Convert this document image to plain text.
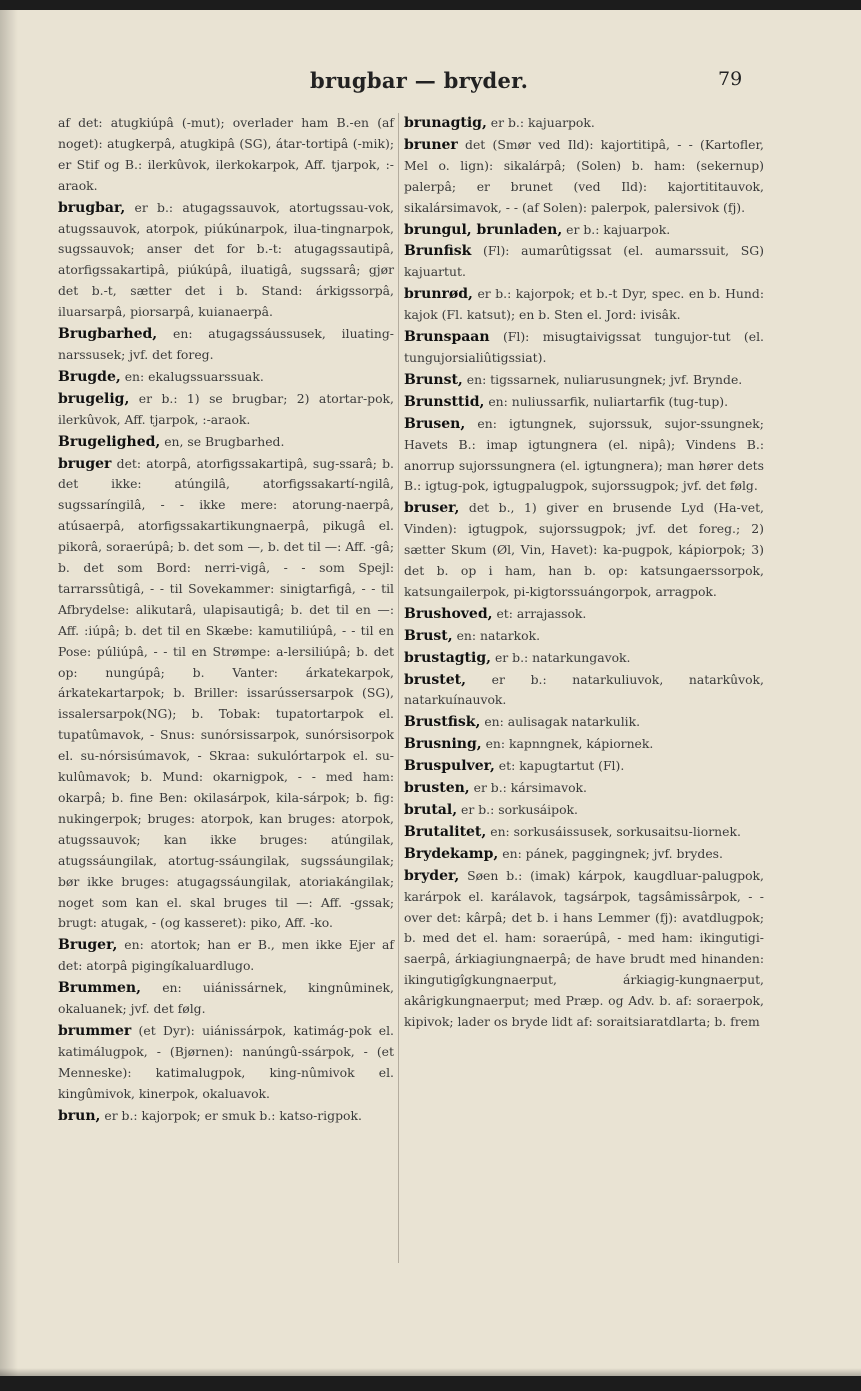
brugbar — bryder.	79
af det: atugkiúpâ (-mut); overlader ham B.-en (af noget): atugkerpâ, atugkipâ (SG), átar-tortipâ (-mik); er Stif og B.: ilerkûvok, ilerkokarpok, Aff. tjarpok, :-araok.
brugbar, er b.: atugagssauvok, atortugssau-vok, atugssauvok, atorpok, piúkúnarpok, ilua-tingnarpok, sugssauvok; anser det for b.-t: atugagssautipâ, atorfigssakartipâ, piúkúpâ, iluatigâ, sugssarâ; gjør det b.-t, sætter det i b. Stand: árkigssorpâ, iluarsarpâ, piorsarpâ, kuianaerpâ.
Brugbarhed, en: atugagssáussusek, iluating-narssusek; jvf. det foreg.
Brugde, en: ekalugssuarssuak.
brugelig, er b.: 1) se brugbar; 2) atortar-pok, ilerkûvok, Aff. tjarpok, :-araok.
Brugelighed, en, se Brugbarhed.
bruger det: atorpâ, atorfigssakartipâ, sug-ssarâ; b. det ikke: atúngilâ, atorfigssakartí-ngilâ, sugssaríngilâ, - - ikke mere: atorung-naerpâ, atúsaerpâ, atorfigssakartikungnaerpâ, pikugâ el. pikorâ, soraerúpâ; b. det som —, b. det til —: Aff. -gâ; b. det som Bord: nerri-vigâ, - - som Spejl: tarrarssûtigâ, - - til Sovekammer: sinigtarfigâ, - - til Afbrydelse: alikutarâ, ulapisautigâ; b. det til en —: Aff. :iúpâ; b. det til en Skæbe: kamutiliúpâ, - - til en Pose: púliúpâ, - - til en Strømpe: a-lersiliúpâ; b. det op: nungúpâ; b. Vanter: árkatekarpok, árkatekartarpok; b. Briller: issarússersarpok (SG), issalersarpok(NG); b. Tobak: tupatortarpok el. tupatûmavok, - Snus: sunórsissarpok, sunórsisorpok el. su-nórsisúmavok, - Skraa: sukulórtarpok el. su-kulûmavok; b. Mund: okarnigpok, - - med ham: okarpâ; b. fine Ben: okilasárpok, kila-sárpok; b. fig: nukingerpok; bruges: atorpok, kan bruges: atorpok, atugssauvok; kan ikke bruges: atúngilak, atugssáungilak, atortug-ssáungilak, sugssáungilak; bør ikke bruges: atugagssáungilak, atoriakángilak; noget som kan el. skal bruges til —: Aff. -gssak; brugt: atugak, - (og kasseret): piko, Aff. -ko.
Bruger, en: atortok; han er B., men ikke Ejer af det: atorpâ pigingíkaluardlugo.
Brummen, en: uiánissárnek, kingnûminek, okaluanek; jvf. det følg.
brummer (et Dyr): uiánissárpok, katimág-pok el. katimálugpok, - (Bjørnen): nanúngû-ssárpok, - (et Menneske): katimalugpok, king-nûmivok el. kingûmivok, kinerpok, okaluavok.
brun, er b.: kajorpok; er smuk b.: katso-rigpok.
brunagtig, er b.: kajuarpok.
bruner det (Smør ved Ild): kajortitipâ, - - (Kartofler, Mel o. lign): sikalárpâ; (Solen) b. ham: (sekernup) palerpâ; er brunet (ved Ild): kajortititauvok, sikalársimavok, - - (af Solen): palerpok, palersivok (fj).
brungul, brunladen, er b.: kajuarpok.
Brunfisk (Fl): aumarûtigssat (el. aumarssuit, SG) kajuartut.
brunrød, er b.: kajorpok; et b.-t Dyr, spec. en b. Hund: kajok (Fl. katsut); en b. Sten el. Jord: ivisâk.
Brunspaan (Fl): misugtaivigssat tungujor-tut (el. tungujorsialiûtigssiat).
Brunst, en: tigssarnek, nuliarusungnek; jvf. Brynde.
Brunsttid, en: nuliussarfik, nuliartarfik (tug-tup).
Brusen, en: igtungnek, sujorssuk, sujor-ssungnek; Havets B.: imap igtungnera (el. nipâ); Vindens B.: anorrup sujorssungnera (el. igtungnera); man hører dets B.: igtug-pok, igtugpalugpok, sujorssugpok; jvf. det følg.
bruser, det b., 1) giver en brusende Lyd (Ha-vet, Vinden): igtugpok, sujorssugpok; jvf. det foreg.; 2) sætter Skum (Øl, Vin, Havet): ka-pugpok, kápiorpok; 3) det b. op i ham, han b. op: katsungaerssorpok, katsungailerpok, pi-kigtorssuángorpok, arragpok.
Brushoved, et: arrajassok.
Brust, en: natarkok.
brustagtig, er b.: natarkungavok.
brustet, er b.: natarkuliuvok, natarkûvok, natarkuínauvok.
Brustfisk, en: aulisagak natarkulik.
Brusning, en: kapnngnek, kápiornek.
Bruspulver, et: kapugtartut (Fl).
brusten, er b.: kársimavok.
brutal, er b.: sorkusáipok.
Brutalitet, en: sorkusáissusek, sorkusaitsu-liornek.
Brydekamp, en: pánek, paggingnek; jvf. brydes.
bryder, Søen b.: (imak) kárpok, kaugdluar-palugpok, karárpok el. karálavok, tagsárpok, tagsâmissârpok, - - over det: kârpâ; det b. i hans Lemmer (fj): avatdlugpok; b. med det el. ham: soraerúpâ, - med ham: ikingutigi-saerpâ, árkiagiungnaerpâ; de have brudt med hinanden: ikingutigîgkungnaerput, árkiagig-kungnaerput, akârigkungnaerput; med Præp. og Adv. b. af: soraerpok, kipivok; lader os bryde lidt af: soraitsiaratdlarta; b. frem
